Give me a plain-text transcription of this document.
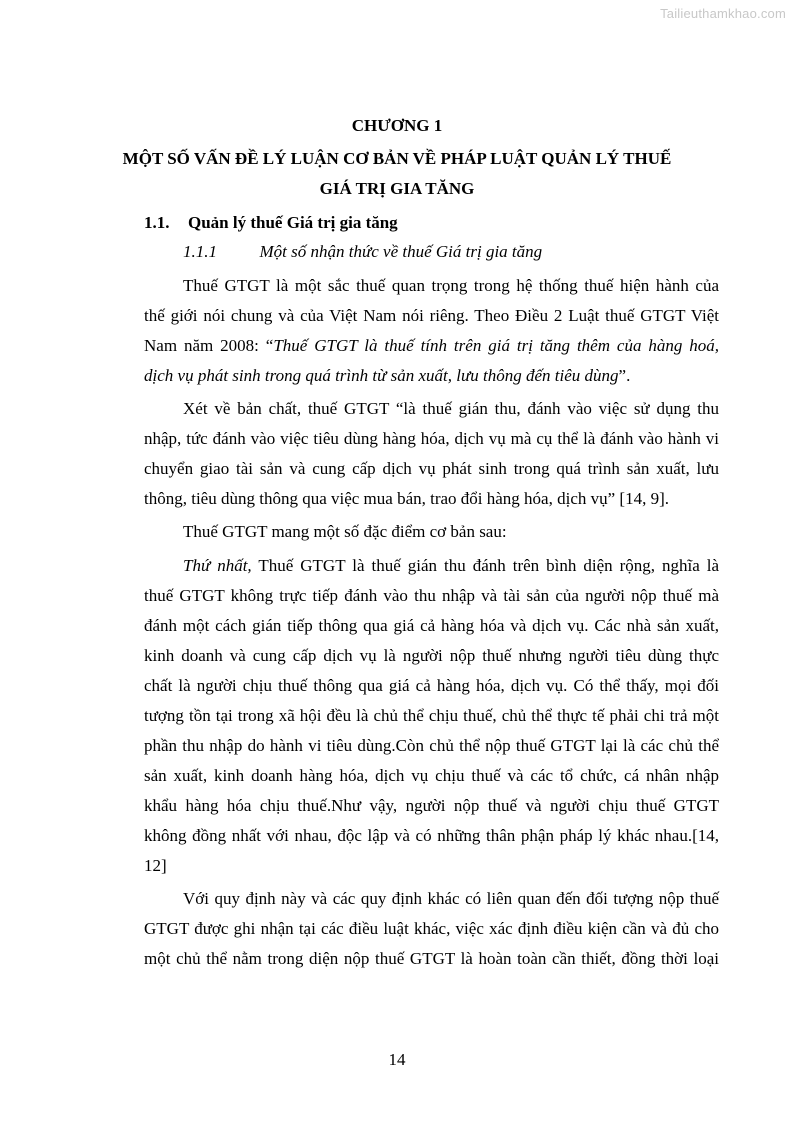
Tailieuthamkhao.com
CHƯƠNG 1
MỘT SỐ VẤN ĐỀ LÝ LUẬN CƠ BẢN VỀ PHÁP LUẬT QUẢN LÝ THUẾ
GIÁ TRỊ GIA TĂNG
1.1. Quản lý thuế Giá trị gia tăng
1.1.1	Một số nhận thức về thuế Giá trị gia tăng
Thuế GTGT là một sắc thuế quan trọng trong hệ thống thuế hiện hành của
thế giới nói chung và của Việt Nam nói riêng. Theo Điều 2 Luật thuế GTGT Việt
Nam năm 2008: “Thuế GTGT là thuế tính trên giá trị tăng thêm của hàng hoá,
dịch vụ phát sinh trong quá trình từ sản xuất, lưu thông đến tiêu dùng”.
Xét về bản chất, thuế GTGT “là thuế gián thu, đánh vào việc sử dụng thu
nhập, tức đánh vào việc tiêu dùng hàng hóa, dịch vụ mà cụ thể là đánh vào hành vi
chuyển giao tài sản và cung cấp dịch vụ phát sinh trong quá trình sản xuất, lưu
thông, tiêu dùng thông qua việc mua bán, trao đổi hàng hóa, dịch vụ” [14, 9].
Thuế GTGT mang một số đặc điểm cơ bản sau:
Thứ nhất, Thuế GTGT là thuế gián thu đánh trên bình diện rộng, nghĩa là
thuế GTGT không trực tiếp đánh vào thu nhập và tài sản của người nộp thuế mà
đánh một cách gián tiếp thông qua giá cả hàng hóa và dịch vụ. Các nhà sản xuất,
kinh doanh và cung cấp dịch vụ là người nộp thuế nhưng người tiêu dùng thực
chất là người chịu thuế thông qua giá cả hàng hóa, dịch vụ. Có thể thấy, mọi đối
tượng tồn tại trong xã hội đều là chủ thể chịu thuế, chủ thể thực tế phải chi trả một
phần thu nhập do hành vi tiêu dùng.Còn chủ thể nộp thuế GTGT lại là các chủ thể
sản xuất, kinh doanh hàng hóa, dịch vụ chịu thuế và các tổ chức, cá nhân nhập
khẩu hàng hóa chịu thuế.Như vậy, người nộp thuế và người chịu thuế GTGT
không đồng nhất với nhau, độc lập và có những thân phận pháp lý khác nhau.[14,
12]
Với quy định này và các quy định khác có liên quan đến đối tượng nộp thuế
GTGT được ghi nhận tại các điều luật khác, việc xác định điều kiện cần và đủ cho
một chủ thể nằm trong diện nộp thuế GTGT là hoàn toàn cần thiết, đồng thời loại
14
